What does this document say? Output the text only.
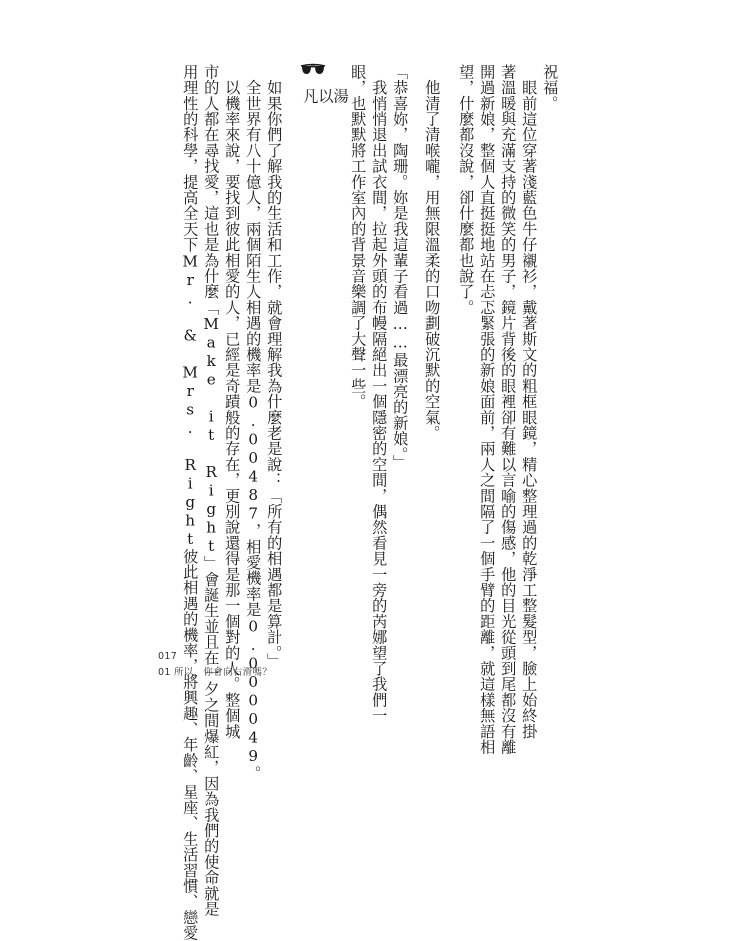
祝福。
　眼前這位穿著淺藍色牛仔襯衫，戴著斯文的粗框眼鏡，精心整理過的乾淨工整髮型，臉上始終掛
著溫暖與充滿支持的微笑的男子，鏡片背後的眼裡卻有難以言喻的傷感，他的目光從頭到尾都沒有離
開過新娘，整個人直挺挺地站在忐忑緊張的新娘面前，兩人之間隔了一個手臂的距離，就這樣無語相
望，什麼都沒說，卻什麼都也說了。
　他清了清喉嚨，用無限溫柔的口吻劃破沉默的空氣。
「恭喜妳，陶珊。妳是我這輩子看過……最漂亮的新娘。」
　我悄悄退出試衣間，拉起外頭的布幔隔絕出一個隱密的空間，偶然看見一旁的芮娜望了我們一
眼，也默默將工作室內的背景音樂調了大聲一些。
湯以凡
　如果你們了解我的生活和工作，就會理解我為什麼老是說：「所有的相遇都是算計。」
　全世界有八十億人，兩個陌生人相遇的機率是0.00487，相愛機率是0.000049。
　以機率來說，要找到彼此相愛的人，已經是奇蹟般的存在，更別說還得是那一個對的人。整個城
市的人都在尋找愛，這也是為什麼「Make it Right」會誕生並且在一夕之間爆紅，因為我們的使命就是
用理性的科學，提高全天下Mr. & Mrs. Right彼此相遇的機率，將興趣、年齡、星座、生活習慣、戀愛
017
01 所以，你會向右滑嗎？
